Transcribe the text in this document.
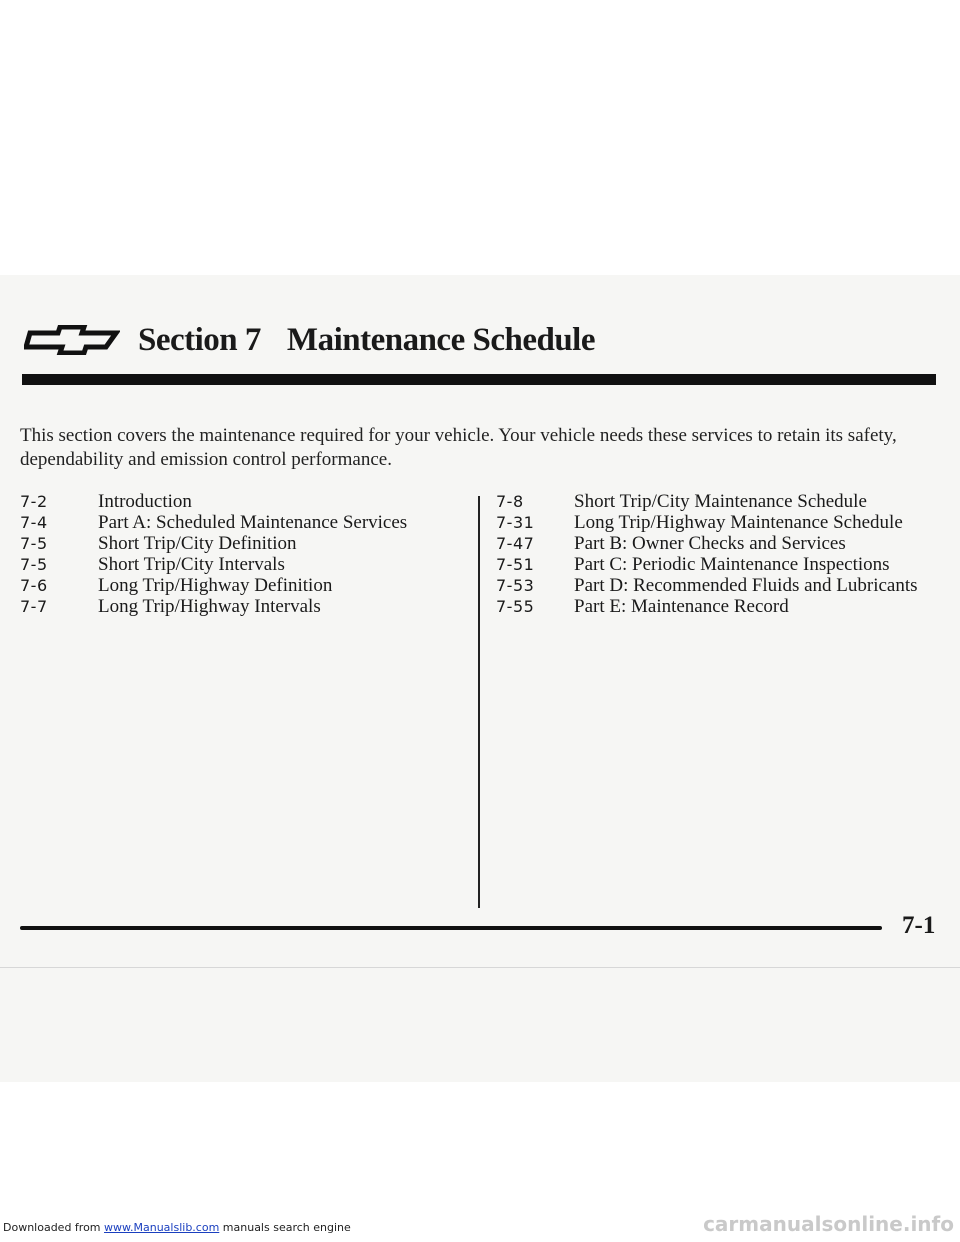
Section 7 Maintenance Schedule
This section covers the maintenance required for your vehicle. Your vehicle needs these services to retain its safety, dependability and emission control performance.
7-2	Introduction
7-4	Part A: Scheduled Maintenance Services
7-5	Short Trip/City Definition
7-5	Short Trip/City Intervals
7-6	Long Trip/Highway Definition
7-7	Long Trip/Highway Intervals
7-8	Short Trip/City Maintenance Schedule
7-31	Long Trip/Highway Maintenance Schedule
7-47	Part B: Owner Checks and Services
7-51	Part C: Periodic Maintenance Inspections
7-53	Part D: Recommended Fluids and Lubricants
7-55	Part E: Maintenance Record
7-1
Downloaded from www.Manualslib.com manuals search engine	carmanualsonline.info
